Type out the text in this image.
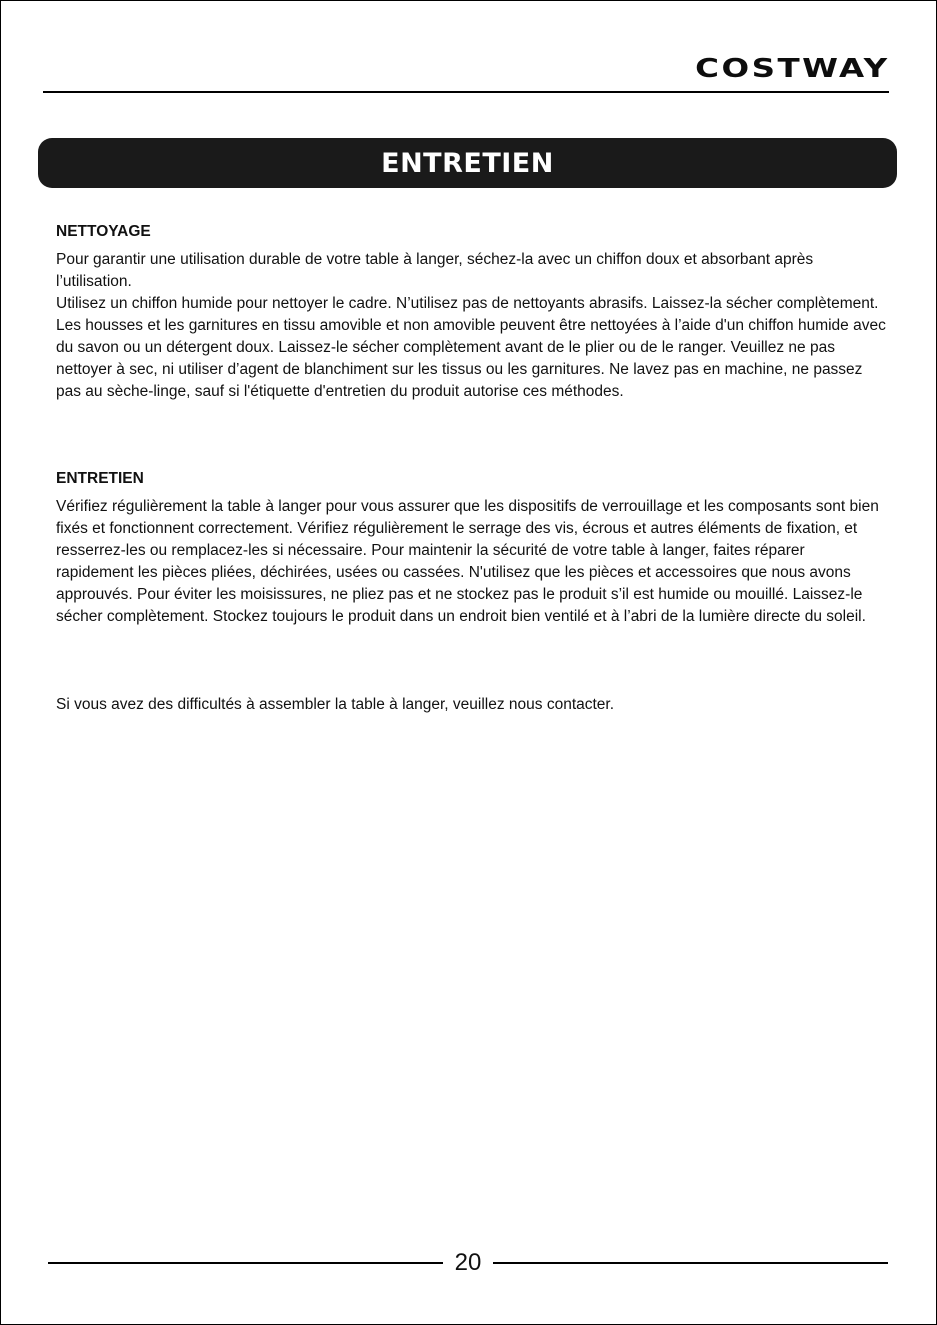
COSTWAY
ENTRETIEN
NETTOYAGE

Pour garantir une utilisation durable de votre table à langer, séchez-la avec un chiffon doux et absorbant après l’utilisation.

Utilisez un chiffon humide pour nettoyer le cadre. N’utilisez pas de nettoyants abrasifs. Laissez-la sécher complètement. Les housses et les garnitures en tissu amovible et non amovible peuvent être nettoyées à l’aide d'un chiffon humide avec du savon ou un détergent doux. Laissez-le sécher complètement avant de le plier ou de le ranger. Veuillez ne pas nettoyer à sec, ni utiliser d’agent de blanchiment sur les tissus ou les garnitures. Ne lavez pas en machine, ne passez pas au sèche-linge, sauf si l'étiquette d'entretien du produit autorise ces méthodes.

ENTRETIEN

Vérifiez régulièrement la table à langer pour vous assurer que les dispositifs de verrouillage et les composants sont bien fixés et fonctionnent correctement. Vérifiez régulièrement le serrage des vis, écrous et autres éléments de fixation, et resserrez-les ou remplacez-les si nécessaire. Pour maintenir la sécurité de votre table à langer, faites réparer rapidement les pièces pliées, déchirées, usées ou cassées. N'utilisez que les pièces et accessoires que nous avons approuvés. Pour éviter les moisissures, ne pliez pas et ne stockez pas le produit s’il est humide ou mouillé. Laissez-le sécher complètement. Stockez toujours le produit dans un endroit bien ventilé et à l’abri de la lumière directe du soleil.

Si vous avez des difficultés à assembler la table à langer, veuillez nous contacter.

20
